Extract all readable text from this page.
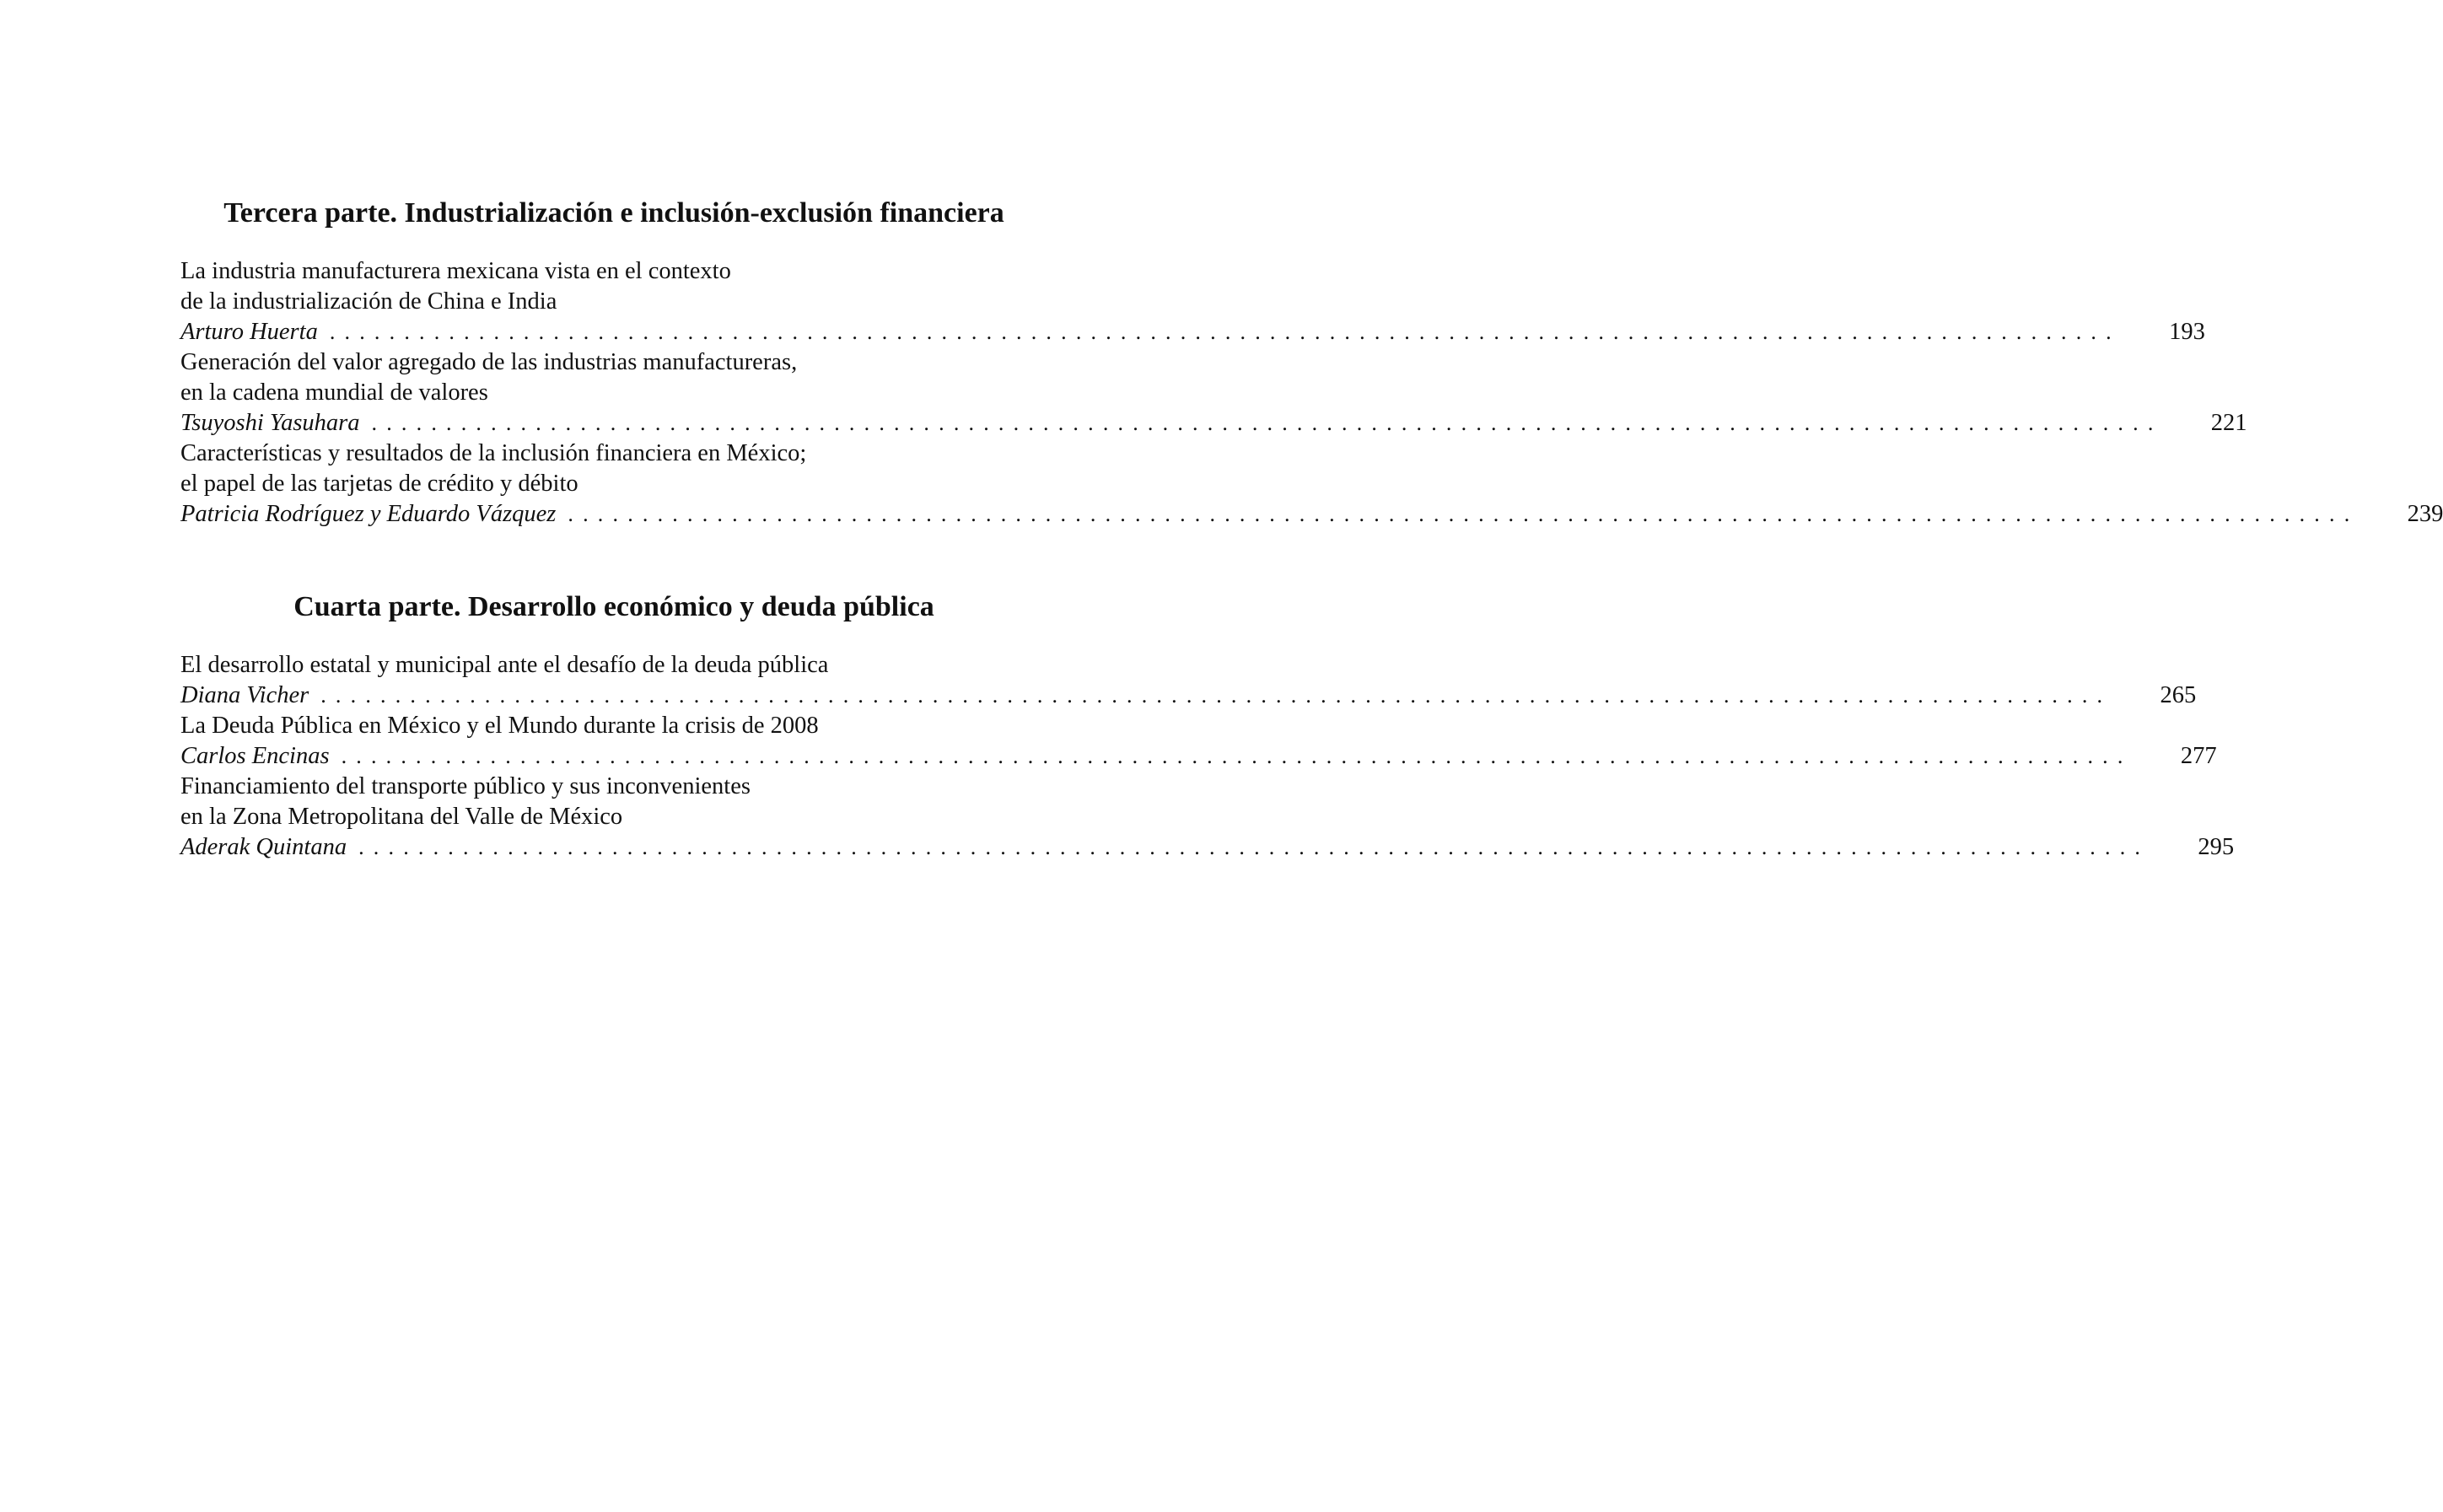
Tercera parte. Industrialización e inclusión-exclusión financiera
La industria manufacturera mexicana vista en el contexto
de la industrialización de China e India
Arturo Huerta ........................................................................................................................ 193
Generación del valor agregado de las industrias manufactureras,
en la cadena mundial de valores
Tsuyoshi Yasuhara ........................................................................................................................ 221
Características y resultados de la inclusión financiera en México;
el papel de las tarjetas de crédito y débito
Patricia Rodríguez y Eduardo Vázquez ........................................................................................................................ 239
Cuarta parte. Desarrollo económico y deuda pública
El desarrollo estatal y municipal ante el desafío de la deuda pública
Diana Vicher ........................................................................................................................ 265
La Deuda Pública en México y el Mundo durante la crisis de 2008
Carlos Encinas ........................................................................................................................ 277
Financiamiento del transporte público y sus inconvenientes
en la Zona Metropolitana del Valle de México
Aderak Quintana ........................................................................................................................ 295
